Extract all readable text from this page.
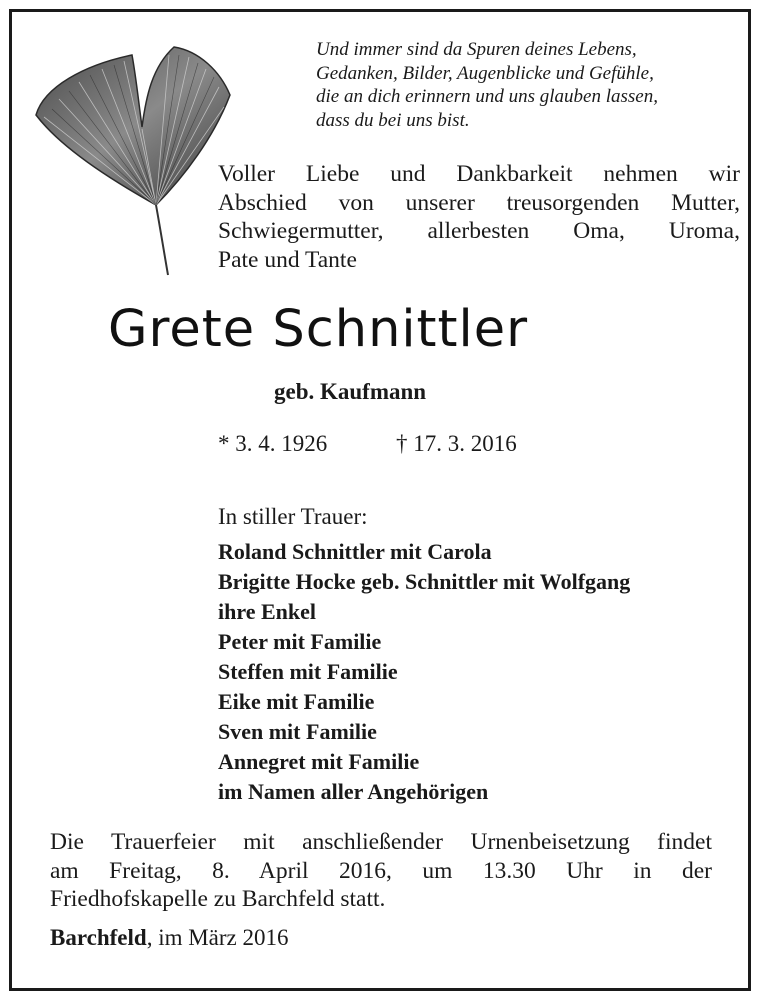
Und immer sind da Spuren deines Lebens,
Gedanken, Bilder, Augenblicke und Gefühle,
die an dich erinnern und uns glauben lassen,
dass du bei uns bist.
Voller Liebe und Dankbarkeit nehmen wir
Abschied von unserer treusorgenden Mutter,
Schwiegermutter, allerbesten Oma, Uroma,
Pate und Tante
Grete Schnittler
geb. Kaufmann
* 3. 4. 1926	† 17. 3. 2016
In stiller Trauer:
Roland Schnittler mit Carola
Brigitte Hocke geb. Schnittler mit Wolfgang
ihre Enkel
Peter mit Familie
Steffen mit Familie
Eike mit Familie
Sven mit Familie
Annegret mit Familie
im Namen aller Angehörigen
Die Trauerfeier mit anschließender Urnenbeisetzung findet
am Freitag, 8. April 2016, um 13.30 Uhr in der
Friedhofskapelle zu Barchfeld statt.
Barchfeld, im März 2016
